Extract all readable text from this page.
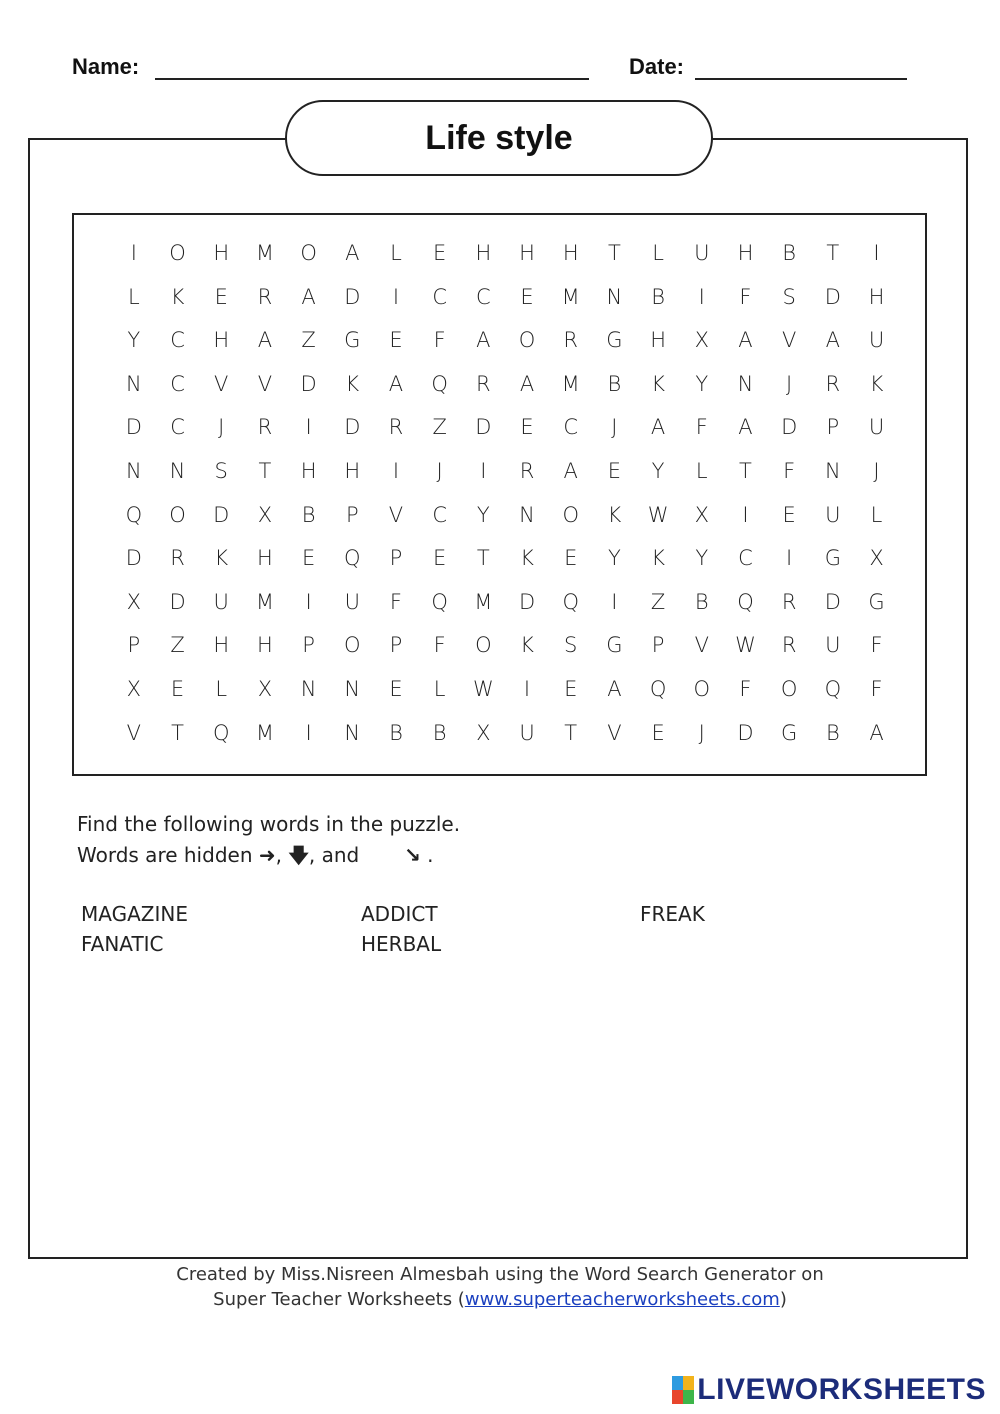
Name:	Date:
Life style
I	O	H	M	O	A	L	E	H	H	H	T	L	U	H	B	T	I
L	K	E	R	A	D	I	C	C	E	M	N	B	I	F	S	D	H
Y	C	H	A	Z	G	E	F	A	O	R	G	H	X	A	V	A	U
N	C	V	V	D	K	A	Q	R	A	M	B	K	Y	N	J	R	K
D	C	J	R	I	D	R	Z	D	E	C	J	A	F	A	D	P	U
N	N	S	T	H	H	I	J	I	R	A	E	Y	L	T	F	N	J
Q	O	D	X	B	P	V	C	Y	N	O	K	W	X	I	E	U	L
D	R	K	H	E	Q	P	E	T	K	E	Y	K	Y	C	I	G	X
X	D	U	M	I	U	F	Q	M	D	Q	I	Z	B	Q	R	D	G
P	Z	H	H	P	O	P	F	O	K	S	G	P	V	W	R	U	F
X	E	L	X	N	N	E	L	W	I	E	A	Q	O	F	O	Q	F
V	T	Q	M	I	N	B	B	X	U	T	V	E	J	D	G	B	A
Find the following words in the puzzle.
Words are hidden ➜, 🡇, and ↘ .
MAGAZINE	ADDICT	FREAK
FANATIC	HERBAL
Created by Miss.Nisreen Almesbah using the Word Search Generator on
Super Teacher Worksheets (www.superteacherworksheets.com)
LIVEWORKSHEETS
